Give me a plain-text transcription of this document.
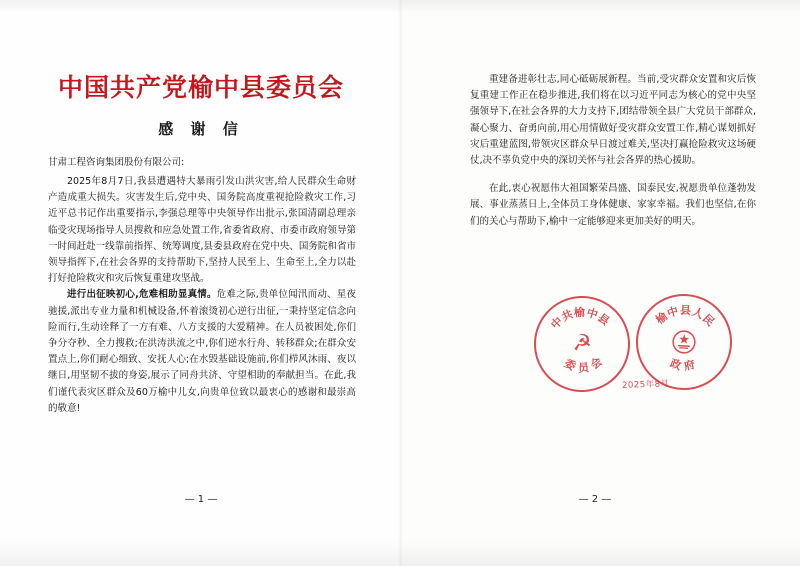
中国共产党榆中县委员会
感 谢 信
甘肃工程咨询集团股份有限公司:

2025年8月7日,我县遭遇特大暴雨引发山洪灾害,给人民群众生命财产造成重大损失。灾害发生后,党中央、国务院高度重视抢险救灾工作,习近平总书记作出重要指示,李强总理等中央领导作出批示,张国清副总理亲临受灾现场指导人员搜救和应急处置工作,省委省政府、市委市政府领导第一时间赶赴一线靠前指挥、统筹调度,县委县政府在党中央、国务院和省市领导指挥下,在社会各界的支持帮助下,坚持人民至上、生命至上,全力以赴打好抢险救灾和灾后恢复重建攻坚战。

进行出征映初心,危难相助显真情。危难之际,贵单位闻汛而动、星夜驰援,派出专业力量和机械设备,怀着滚烫初心逆行出征,一秉持坚定信念向险而行,生动诠释了一方有难、八方支援的大爱精神。在人员被困处,你们争分夺秒、全力搜救;在洪涛洪流之中,你们逆水行舟、转移群众;在群众安置点上,你们耐心细致、安抚人心;在水毁基础设施前,你们栉风沐雨、夜以继日,用坚韧不拔的身姿,展示了同舟共济、守望相助的奉献担当。在此,我们谨代表灾区群众及60万榆中儿女,向贵单位致以最衷心的感谢和最崇高的敬意!

— 1 —

重建备进彰壮志,同心砥砺展新程。当前,受灾群众安置和灾后恢复重建工作正在稳步推进,我们将在以习近平同志为核心的党中央坚强领导下,在社会各界的大力支持下,团结带领全县广大党员干部群众,凝心聚力、奋勇向前,用心用情做好受灾群众安置工作,精心谋划抓好灾后重建蓝图,带领灾区群众早日渡过难关,坚决打赢抢险救灾这场硬仗,决不辜负党中央的深切关怀与社会各界的热心援助。

在此,衷心祝愿伟大祖国繁荣昌盛、国泰民安,祝愿贵单位蓬勃发展、事业蒸蒸日上,全体员工身体健康、家家幸福。我们也坚信,在你们的关心与帮助下,榆中一定能够迎来更加美好的明天。

中共榆中县
委 员 会
☭
榆中县人民
政 府
2025年8月
— 2 —
